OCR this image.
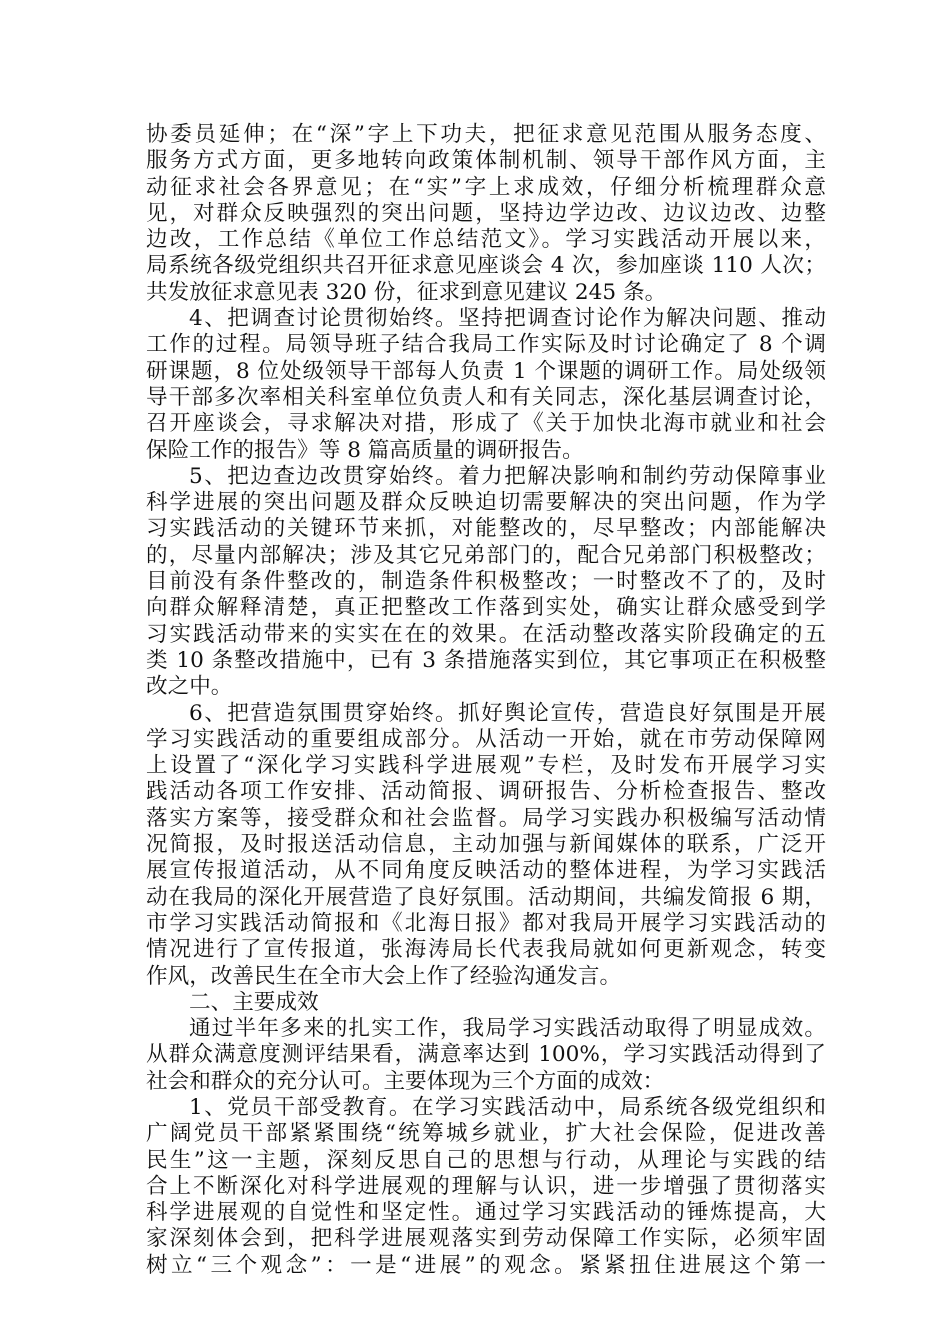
协委员延伸；在“深”字上下功夫，把征求意见范围从服务态度、
服务方式方面，更多地转向政策体制机制、领导干部作风方面，主
动征求社会各界意见；在“实”字上求成效，仔细分析梳理群众意
见，对群众反映强烈的突出问题，坚持边学边改、边议边改、边整
边改，工作总结《单位工作总结范文》。学习实践活动开展以来，
局系统各级党组织共召开征求意见座谈会 4 次，参加座谈 110 人次；
共发放征求意见表 320 份，征求到意见建议 245 条。
4、把调查讨论贯彻始终。坚持把调查讨论作为解决问题、推动
工作的过程。局领导班子结合我局工作实际及时讨论确定了 8 个调
研课题，8 位处级领导干部每人负责 1 个课题的调研工作。局处级领
导干部多次率相关科室单位负责人和有关同志，深化基层调查讨论，
召开座谈会，寻求解决对措，形成了《关于加快北海市就业和社会
保险工作的报告》等 8 篇高质量的调研报告。
5、把边查边改贯穿始终。着力把解决影响和制约劳动保障事业
科学进展的突出问题及群众反映迫切需要解决的突出问题，作为学
习实践活动的关键环节来抓，对能整改的，尽早整改；内部能解决
的，尽量内部解决；涉及其它兄弟部门的，配合兄弟部门积极整改；
目前没有条件整改的，制造条件积极整改；一时整改不了的，及时
向群众解释清楚，真正把整改工作落到实处，确实让群众感受到学
习实践活动带来的实实在在的效果。在活动整改落实阶段确定的五
类 10 条整改措施中，已有 3 条措施落实到位，其它事项正在积极整
改之中。
6、把营造氛围贯穿始终。抓好舆论宣传，营造良好氛围是开展
学习实践活动的重要组成部分。从活动一开始，就在市劳动保障网
上设置了“深化学习实践科学进展观”专栏，及时发布开展学习实
践活动各项工作安排、活动简报、调研报告、分析检查报告、整改
落实方案等，接受群众和社会监督。局学习实践办积极编写活动情
况简报，及时报送活动信息，主动加强与新闻媒体的联系，广泛开
展宣传报道活动，从不同角度反映活动的整体进程，为学习实践活
动在我局的深化开展营造了良好氛围。活动期间，共编发简报 6 期，
市学习实践活动简报和《北海日报》都对我局开展学习实践活动的
情况进行了宣传报道，张海涛局长代表我局就如何更新观念，转变
作风，改善民生在全市大会上作了经验沟通发言。
二、主要成效
通过半年多来的扎实工作，我局学习实践活动取得了明显成效。
从群众满意度测评结果看，满意率达到 100%，学习实践活动得到了
社会和群众的充分认可。主要体现为三个方面的成效：
1、党员干部受教育。在学习实践活动中，局系统各级党组织和
广阔党员干部紧紧围绕“统筹城乡就业，扩大社会保险，促进改善
民生”这一主题，深刻反思自己的思想与行动，从理论与实践的结
合上不断深化对科学进展观的理解与认识，进一步增强了贯彻落实
科学进展观的自觉性和坚定性。通过学习实践活动的锤炼提高，大
家深刻体会到，把科学进展观落实到劳动保障工作实际，必须牢固
树立“三个观念”：一是“进展”的观念。紧紧扭住进展这个第一
